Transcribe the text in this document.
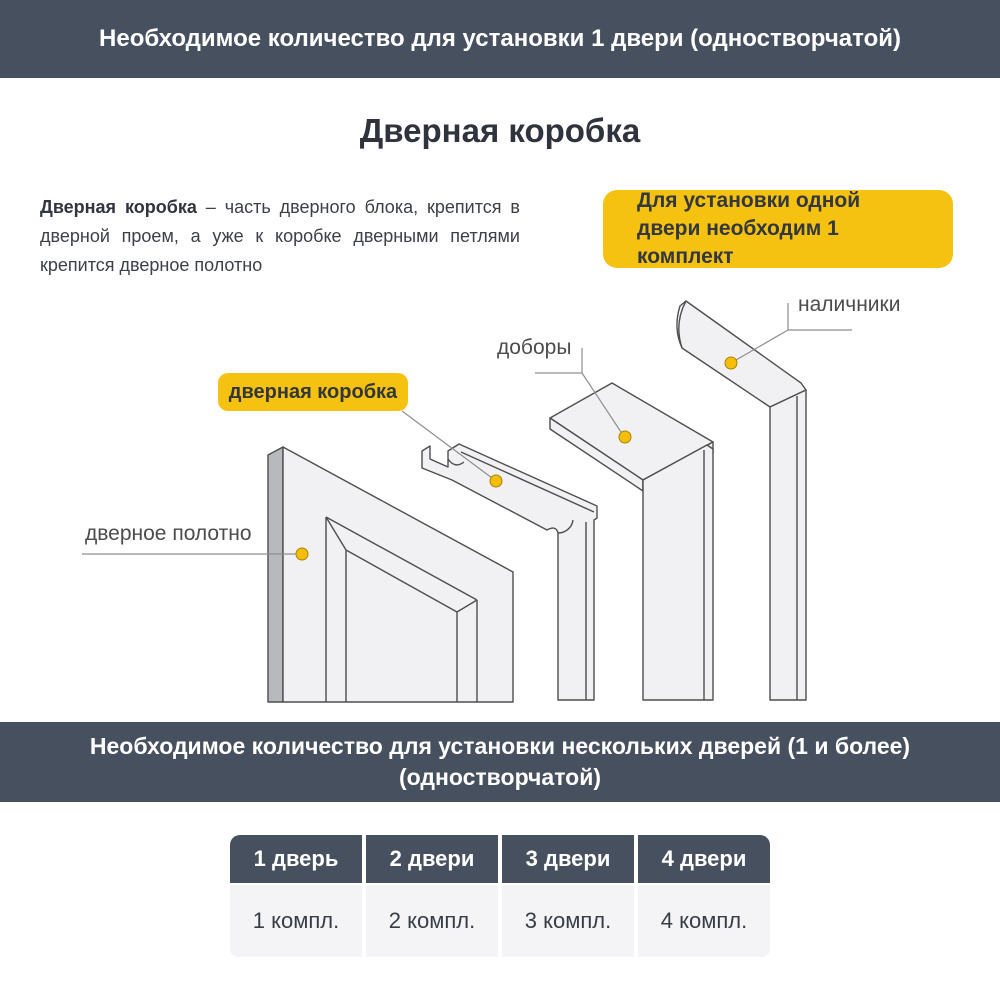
Необходимое количество для установки 1 двери (одностворчатой)
Дверная коробка
Дверная коробка – часть дверного блока, крепится в дверной проем, а уже к коробке дверными петлями крепится дверное полотно
Для установки одной двери необходим 1 комплект
дверное полотно
доборы
наличники
дверная коробка
Необходимое количество для установки нескольких дверей (1 и более)
(одностворчатой)
1 дверь	2 двери	3 двери	4 двери
1 компл.	2 компл.	3 компл.	4 компл.
